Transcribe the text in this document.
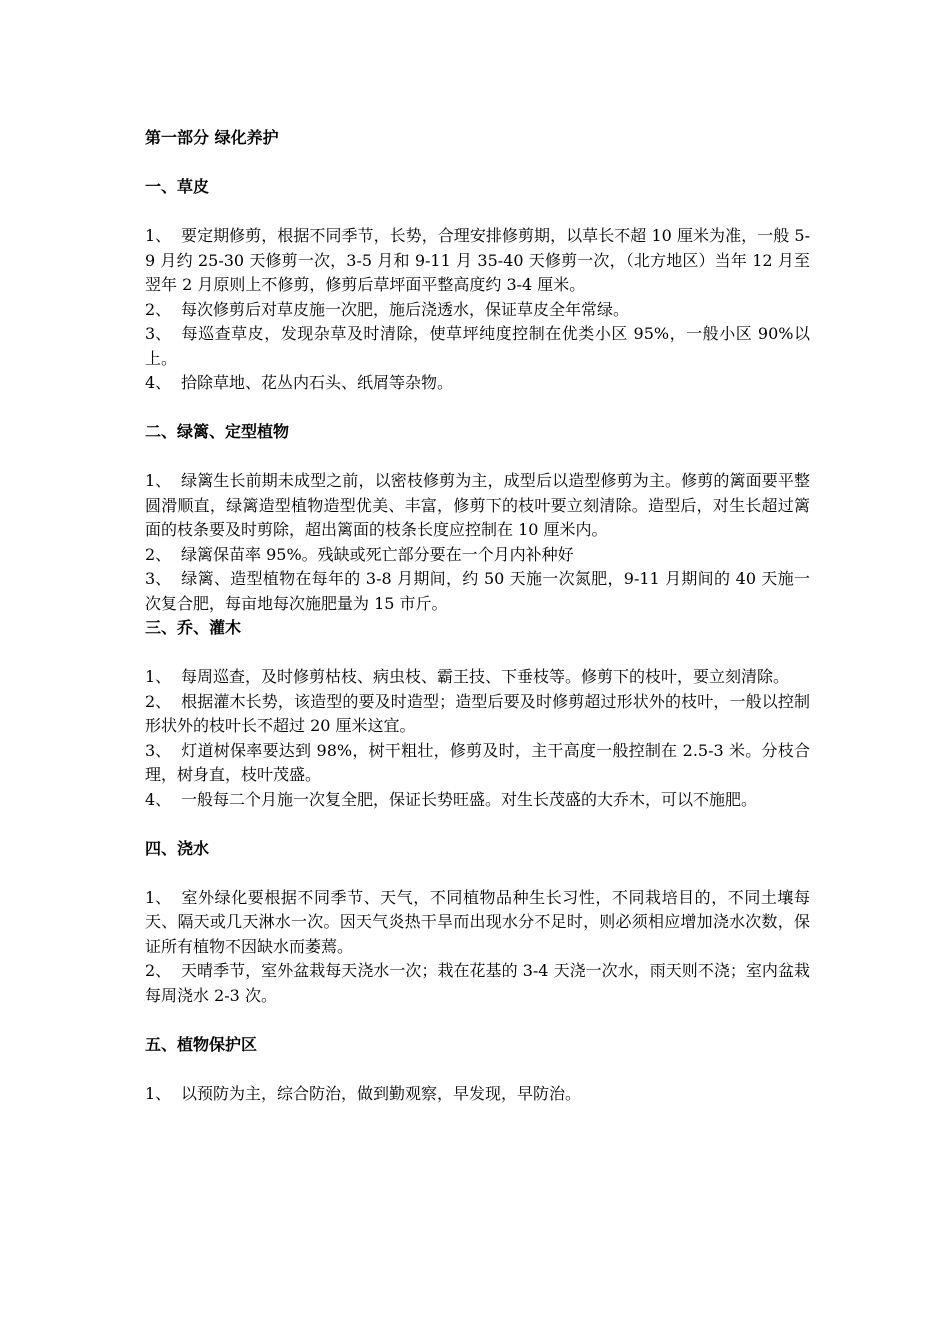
第一部分 绿化养护

一、草皮

1、 要定期修剪，根据不同季节，长势，合理安排修剪期，以草长不超 10 厘米为准，一般 5-9 月约 25-30 天修剪一次，3-5 月和 9-11 月 35-40 天修剪一次，（北方地区）当年 12 月至翌年 2 月原则上不修剪，修剪后草坪面平整高度约 3-4 厘米。

2、 每次修剪后对草皮施一次肥，施后浇透水，保证草皮全年常绿。

3、 每巡查草皮，发现杂草及时清除，使草坪纯度控制在优类小区 95%，一般小区 90%以上。

4、 拾除草地、花丛内石头、纸屑等杂物。

二、绿篱、定型植物

1、 绿篱生长前期未成型之前，以密枝修剪为主，成型后以造型修剪为主。修剪的篱面要平整圆滑顺直，绿篱造型植物造型优美、丰富，修剪下的枝叶要立刻清除。造型后，对生长超过篱面的枝条要及时剪除，超出篱面的枝条长度应控制在 10 厘米内。

2、 绿篱保苗率 95%。残缺或死亡部分要在一个月内补种好

3、 绿篱、造型植物在每年的 3-8 月期间，约 50 天施一次氮肥，9-11 月期间的 40 天施一次复合肥，每亩地每次施肥量为 15 市斤。

三、乔、灌木

1、 每周巡查，及时修剪枯枝、病虫枝、霸王技、下垂枝等。修剪下的枝叶，要立刻清除。

2、 根据灌木长势，该造型的要及时造型；造型后要及时修剪超过形状外的枝叶，一般以控制形状外的枝叶长不超过 20 厘米这宜。

3、 灯道树保率要达到 98%，树干粗壮，修剪及时，主干高度一般控制在 2.5-3 米。分枝合理，树身直，枝叶茂盛。

4、 一般每二个月施一次复全肥，保证长势旺盛。对生长茂盛的大乔木，可以不施肥。

四、浇水

1、 室外绿化要根据不同季节、天气，不同植物品种生长习性，不同栽培目的，不同土壤每天、隔天或几天淋水一次。因天气炎热干旱而出现水分不足时，则必须相应增加浇水次数，保证所有植物不因缺水而萎蔫。

2、 天晴季节，室外盆栽每天浇水一次；栽在花基的 3-4 天浇一次水，雨天则不浇；室内盆栽每周浇水 2-3 次。

五、植物保护区

1、 以预防为主，综合防治，做到勤观察，早发现，早防治。
